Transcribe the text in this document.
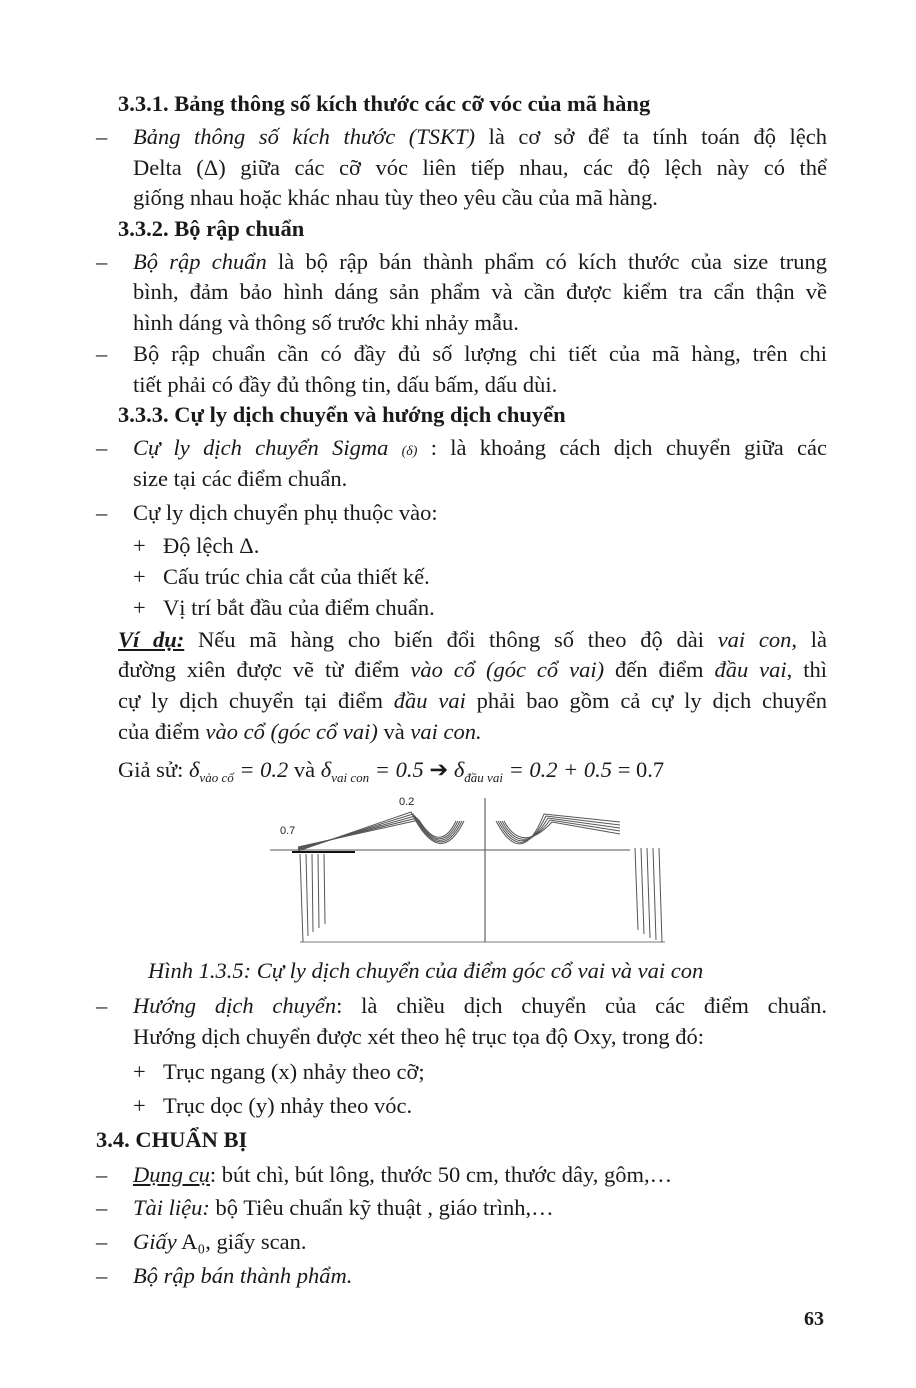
3.3.1. Bảng thông số kích thước các cỡ vóc của mã hàng
– Bảng thông số kích thước (TSKT) là cơ sở để ta tính toán độ lệch
Delta (Δ) giữa các cỡ vóc liên tiếp nhau, các độ lệch này có thể
giống nhau hoặc khác nhau tùy theo yêu cầu của mã hàng.
3.3.2. Bộ rập chuẩn
– Bộ rập chuẩn là bộ rập bán thành phẩm có kích thước của size trung
bình, đảm bảo hình dáng sản phẩm và cần được kiểm tra cẩn thận về
hình dáng và thông số trước khi nhảy mẫu.
– Bộ rập chuẩn cần có đầy đủ số lượng chi tiết của mã hàng, trên chi
tiết phải có đầy đủ thông tin, dấu bấm, dấu dùi.
3.3.3. Cự ly dịch chuyển và hướng dịch chuyển
– Cự ly dịch chuyển Sigma (δ) : là khoảng cách dịch chuyển giữa các
size tại các điểm chuẩn.
– Cự ly dịch chuyển phụ thuộc vào:
+ Độ lệch Δ.
+ Cấu trúc chia cắt của thiết kế.
+ Vị trí bắt đầu của điểm chuẩn.
Ví dụ: Nếu mã hàng cho biến đổi thông số theo độ dài vai con, là
đường xiên được vẽ từ điểm vào cổ (góc cổ vai) đến điểm đầu vai, thì
cự ly dịch chuyển tại điểm đầu vai phải bao gồm cả cự ly dịch chuyển
của điểm vào cổ (góc cổ vai) và vai con.
Giả sử: $\delta_{vào cổ} = 0.2$ và $\delta_{vai con} = 0.5$ ➔ $\delta_{đầu vai} = 0.2 + 0.5 = 0.7$
0.2
0.7
Hình 1.3.5: Cự ly dịch chuyển của điểm góc cổ vai và vai con
– Hướng dịch chuyển: là chiều dịch chuyển của các điểm chuẩn.
Hướng dịch chuyển được xét theo hệ trục tọa độ Oxy, trong đó:
+ Trục ngang (x) nhảy theo cỡ;
+ Trục dọc (y) nhảy theo vóc.
3.4. CHUẨN BỊ
– Dụng cụ: bút chì, bút lông, thước 50 cm, thước dây, gôm,…
– Tài liệu: bộ Tiêu chuẩn kỹ thuật , giáo trình,…
– Giấy A₀, giấy scan.
– Bộ rập bán thành phẩm.
63
